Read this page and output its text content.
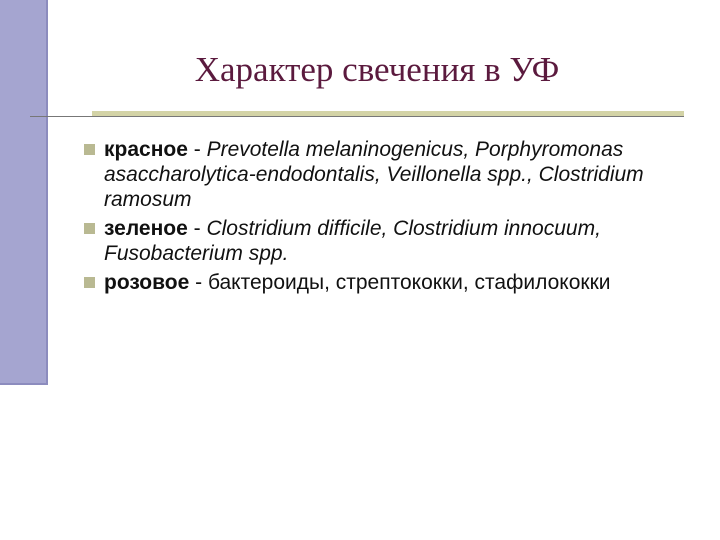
Характер свечения в УФ
красное - Prevotella melaninogenicus, Porphyromonas asaccharolytica-endodontalis, Veillonella spp., Clostridium ramosum
зеленое - Clostridium difficile, Clostridium innocuum, Fusobacterium spp.
розовое - бактероиды, стрептококки, стафилококки
